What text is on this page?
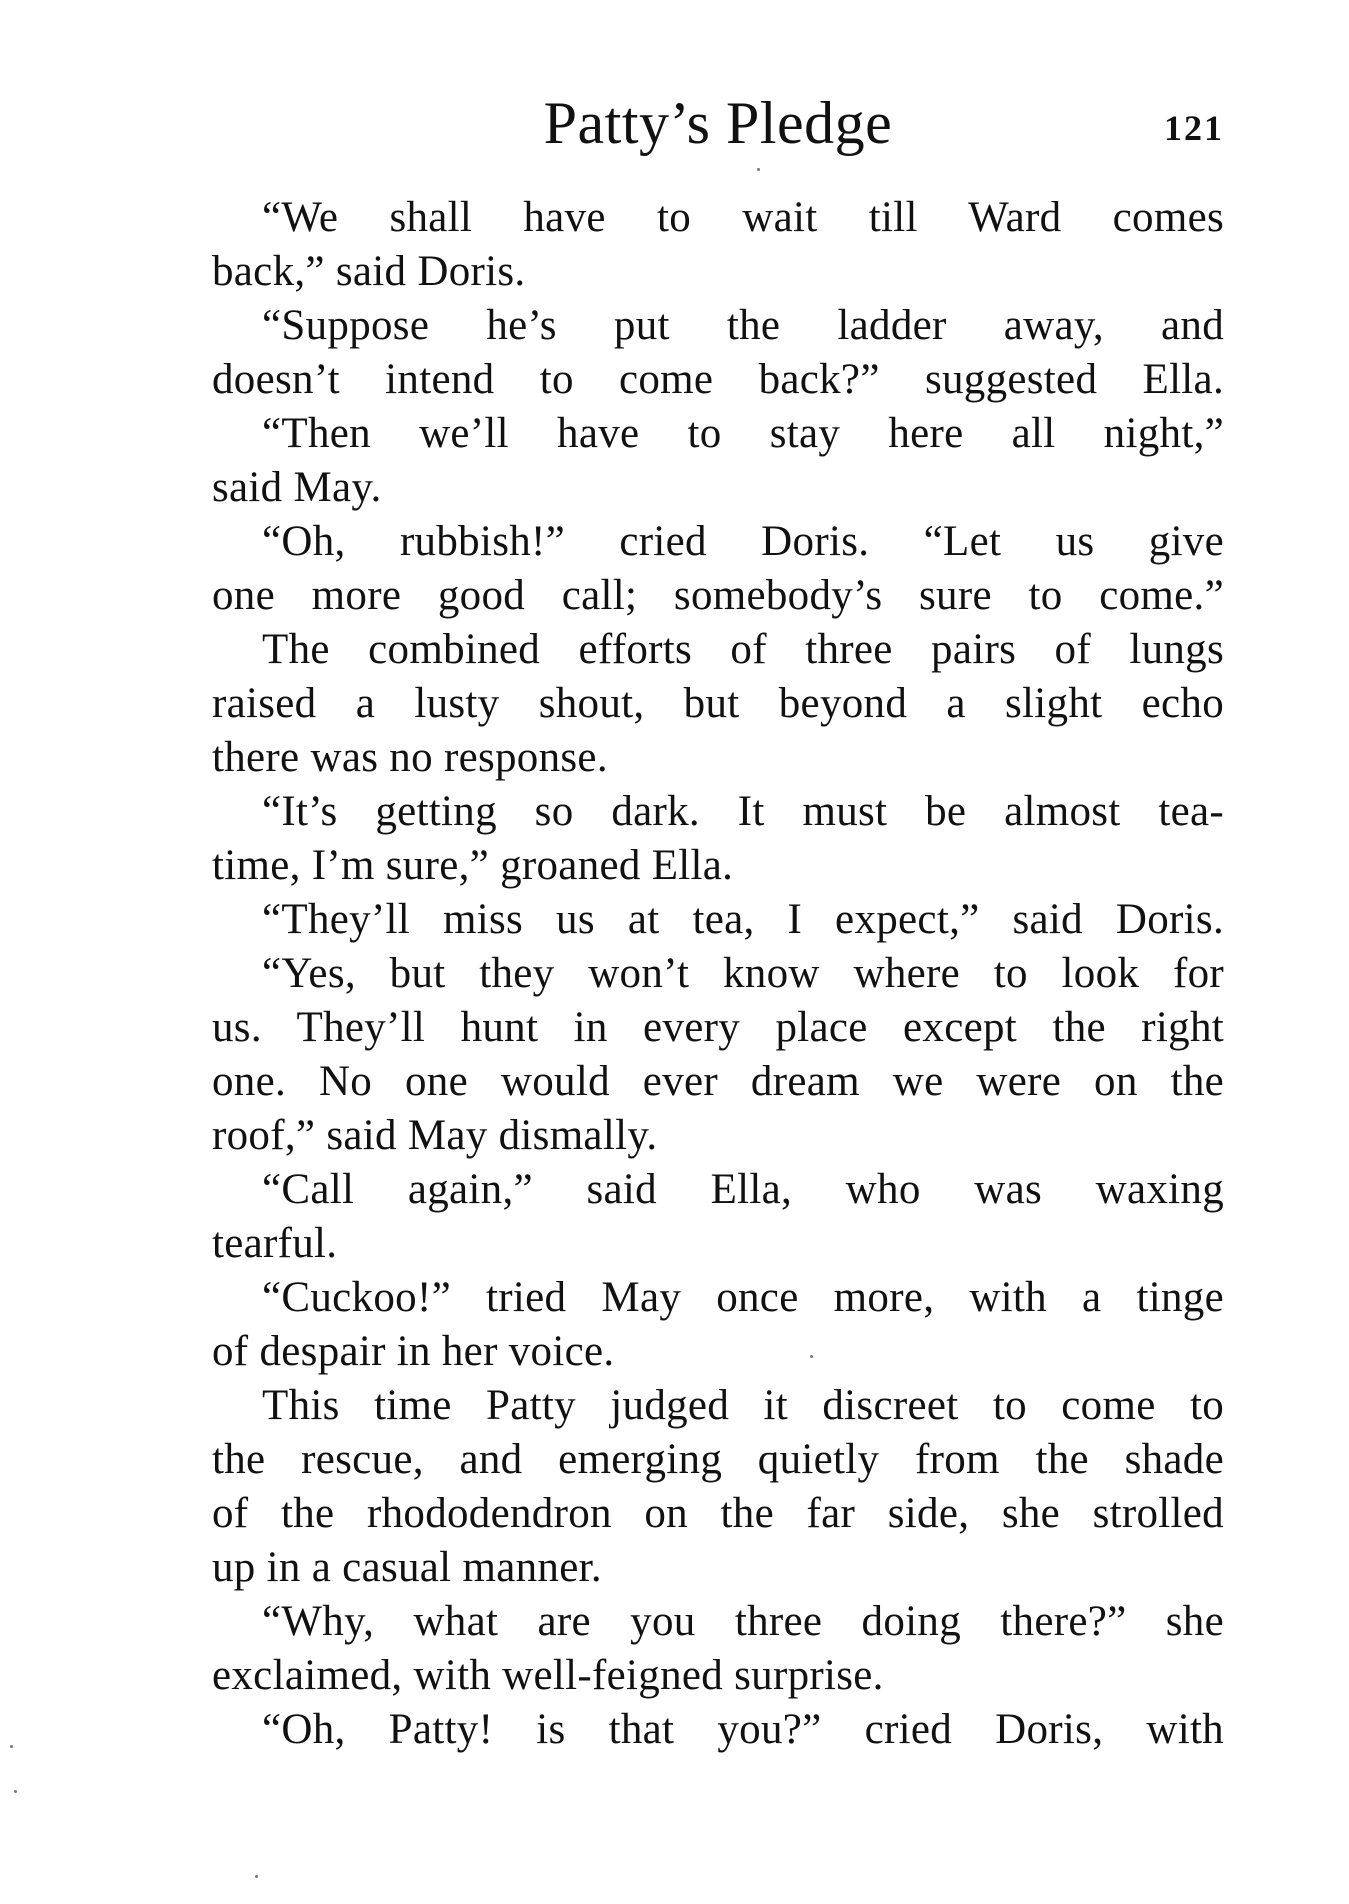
Patty’s Pledge	121
“We shall have to wait till Ward comes
back,” said Doris.
“Suppose he’s put the ladder away, and
doesn’t intend to come back?” suggested Ella.
“Then we’ll have to stay here all night,”
said May.
“Oh, rubbish!” cried Doris. “Let us give
one more good call; somebody’s sure to come.”
The combined efforts of three pairs of lungs
raised a lusty shout, but beyond a slight echo
there was no response.
“It’s getting so dark. It must be almost tea-
time, I’m sure,” groaned Ella.
“They’ll miss us at tea, I expect,” said Doris.
“Yes, but they won’t know where to look for
us. They’ll hunt in every place except the right
one. No one would ever dream we were on the
roof,” said May dismally.
“Call again,” said Ella, who was waxing
tearful.
“Cuckoo!” tried May once more, with a tinge
of despair in her voice.
This time Patty judged it discreet to come to
the rescue, and emerging quietly from the shade
of the rhododendron on the far side, she strolled
up in a casual manner.
“Why, what are you three doing there?” she
exclaimed, with well-feigned surprise.
“Oh, Patty! is that you?” cried Doris, with
